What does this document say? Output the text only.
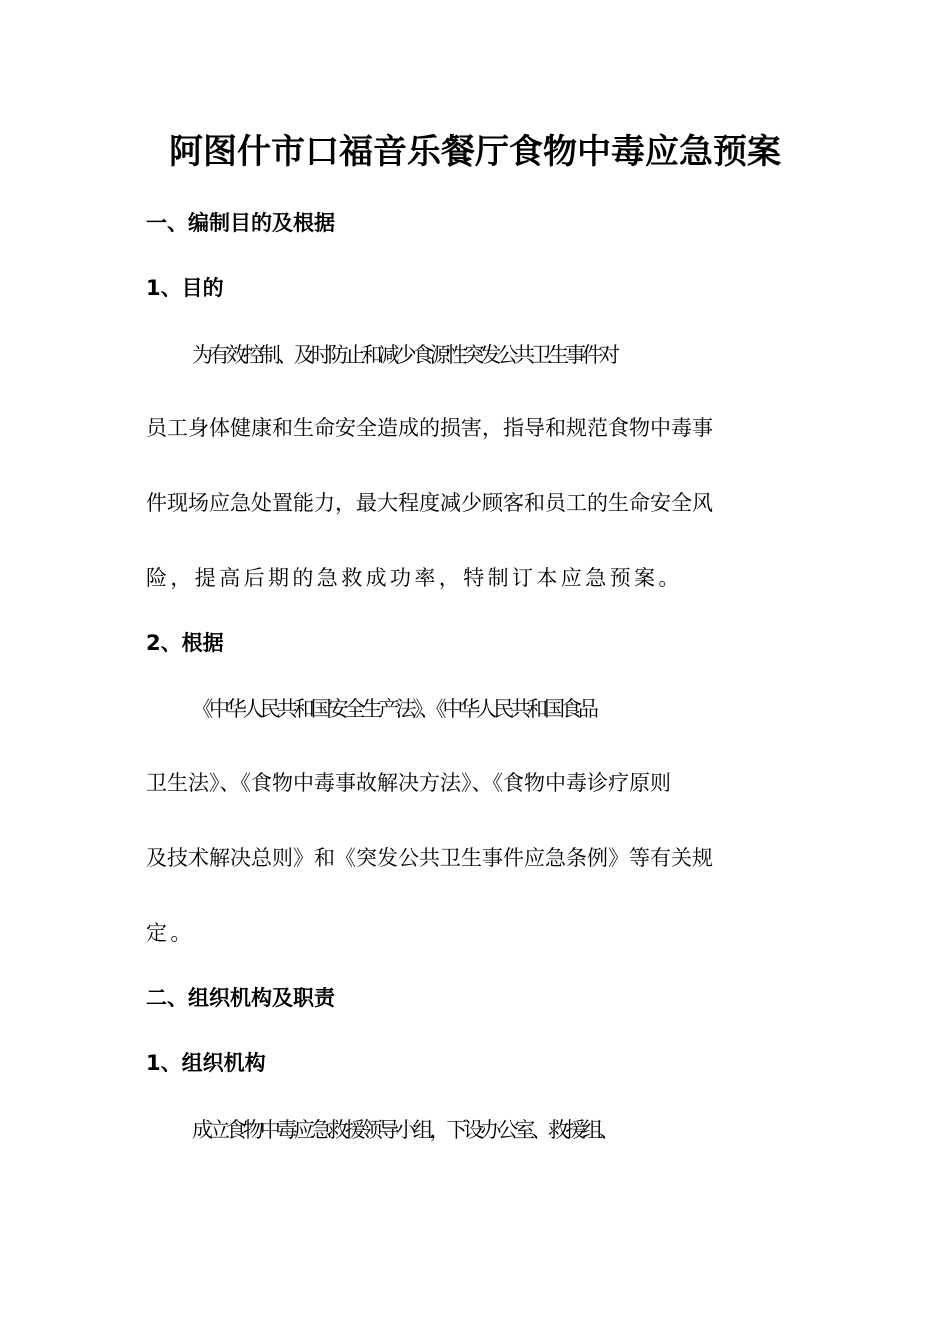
阿图什市口福音乐餐厅食物中毒应急预案
一、编制目的及根据
1、目的
为有效控制、及时防止和减少食源性突发公共卫生事件对
员工身体健康和生命安全造成的损害，指导和规范食物中毒事
件现场应急处置能力，最大程度减少顾客和员工的生命安全风
险，提高后期的急救成功率，特制订本应急预案。
2、根据
《中华人民共和国安全生产法》、《中华人民共和国食品
卫生法》、《食物中毒事故解决方法》、《食物中毒诊疗原则
及技术解决总则》和《突发公共卫生事件应急条例》等有关规
定。
二、组织机构及职责
1、组织机构
成立食物中毒应急救援领导小组，下设办公室、救援组、
